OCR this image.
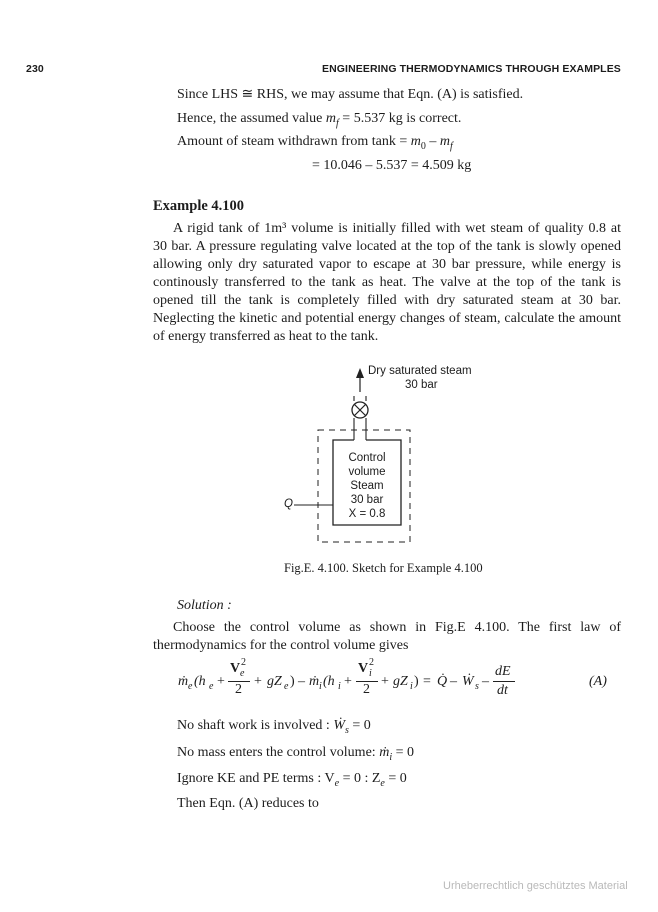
230	ENGINEERING THERMODYNAMICS THROUGH EXAMPLES
Since LHS ≅ RHS, we may assume that Eqn. (A) is satisfied.
Hence, the assumed value $m_f = 5.537$ kg is correct.
Amount of steam withdrawn from $\tan k = m_0 - m_f$
= 10.046 – 5.537 = 4.509 kg
Example 4.100
A rigid tank of 1m³ volume is initially filled with wet steam of quality 0.8 at
30 bar. A pressure regulating valve located at the top of the tank is slowly opened
allowing only dry saturated vapor to escape at 30 bar pressure, while energy is
continously transferred to the tank as heat. The valve at the top of the tank is
opened till the tank is completely filled with dry saturated steam at 30 bar.
Neglecting the kinetic and potential energy changes of steam, calculate the amount
of energy transferred as heat to the tank.
Dry saturated steam
30 bar
Control
volume
Steam
30 bar
X = 0.8
Q
Fig.E. 4.100. Sketch for Example 4.100
Solution :
Choose the control volume as shown in Fig.E 4.100. The first law of
thermodynamics for the control volume gives
ṁ e (h e +
V 2
e
2
+ gZ e ) – ṁ i (h i +
V 2
i
2
+ gZ i ) = Q̇ – Ẇ s –
dE
dt
(A)
No shaft work is involved : Ẇ$_s$ = 0
No mass enters the control volume: ṁ$_i$ = 0
Ignore KE and PE terms : $V_e = 0$ : $Z_e = 0$
Then Eqn. (A) reduces to
Urheberrechtlich geschütztes Material
